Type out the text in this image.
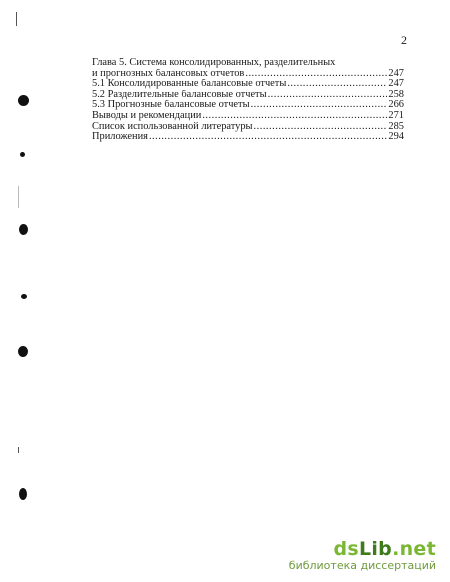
2
Глава 5. Система консолидированных, разделительных
и прогнозных балансовых отчетов .....	247
5.1 Консолидированные балансовые отчеты .....	247
5.2 Разделительные балансовые отчеты .....	258
5.3 Прогнозные балансовые отчеты .....	266
Выводы и рекомендации .....	271
Список использованной литературы .....	285
Приложения .....	294
dsLib.net
библиотека диссертаций
